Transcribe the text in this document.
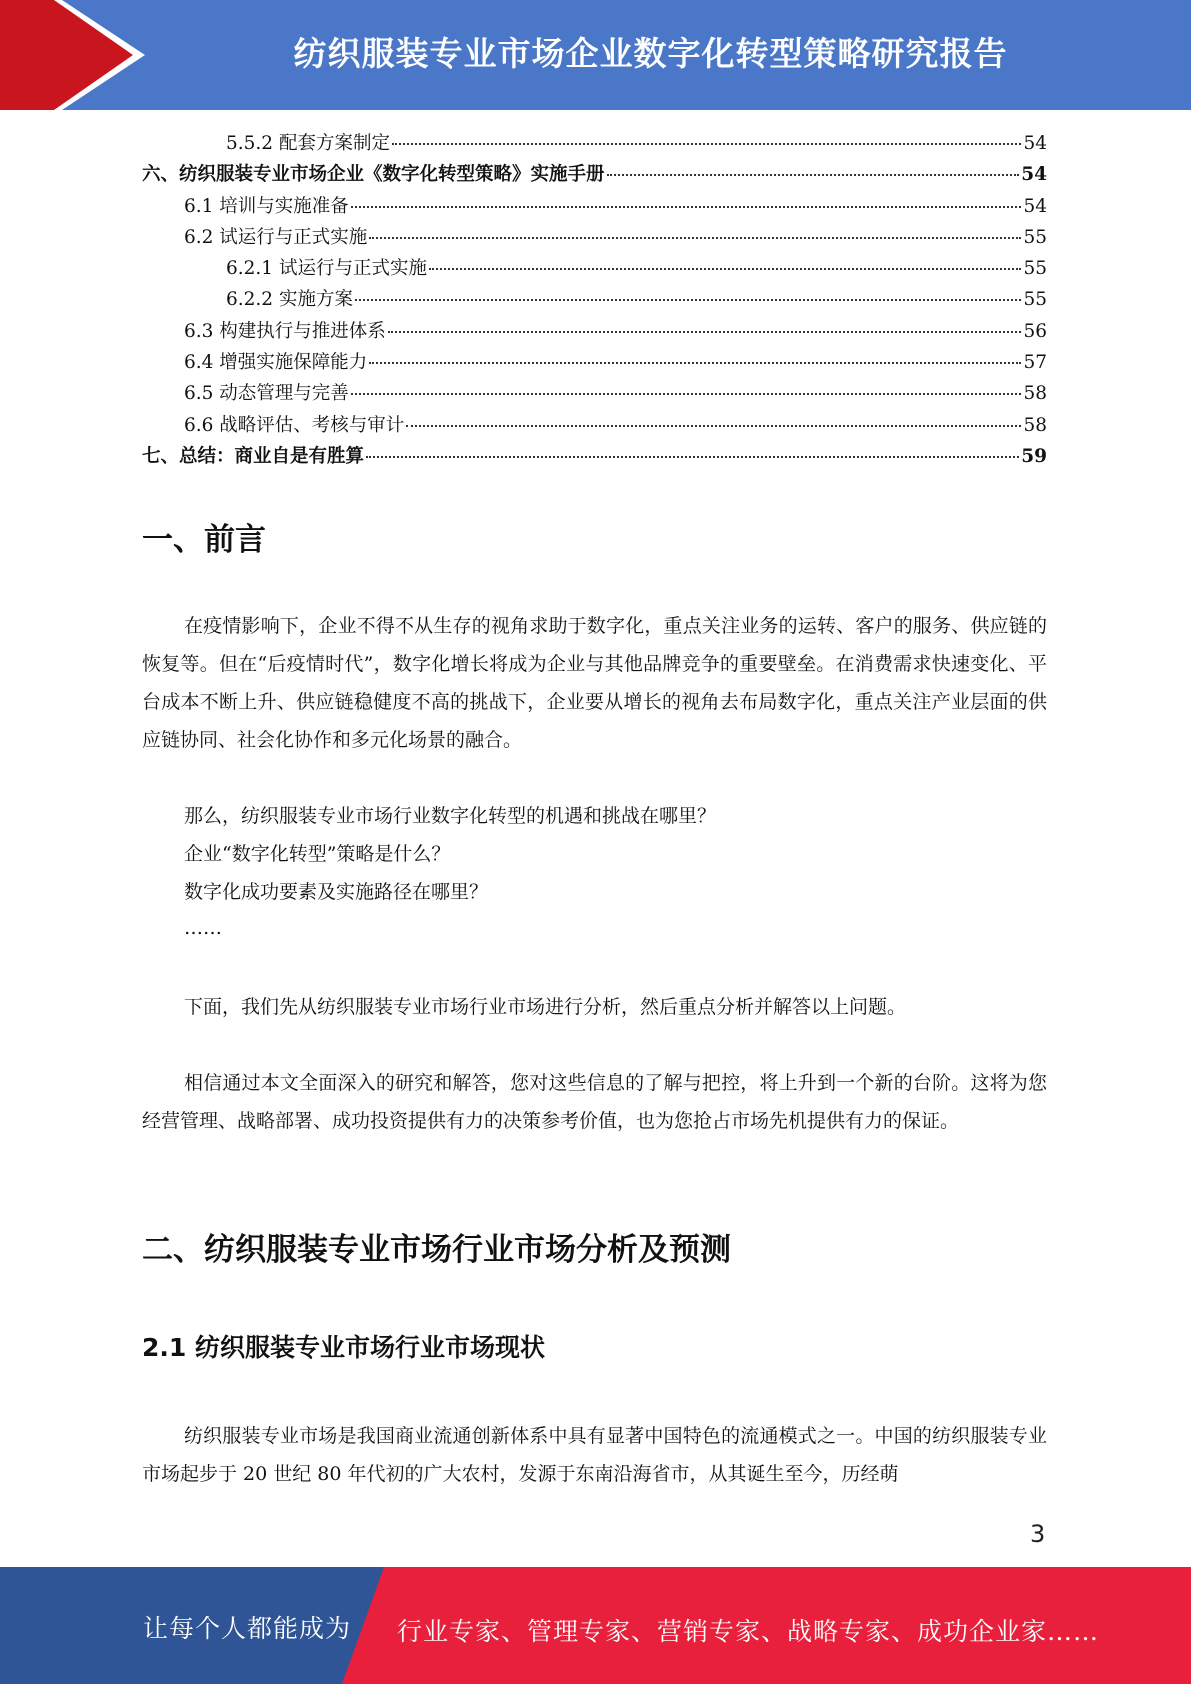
纺织服装专业市场企业数字化转型策略研究报告
5.5.2 配套方案制定	54
六、纺织服装专业市场企业《数字化转型策略》实施手册	54
6.1 培训与实施准备	54
6.2 试运行与正式实施	55
6.2.1 试运行与正式实施	55
6.2.2 实施方案	55
6.3 构建执行与推进体系	56
6.4 增强实施保障能力	57
6.5 动态管理与完善	58
6.6 战略评估、考核与审计	58
七、总结：商业自是有胜算	59
一、前言

在疫情影响下，企业不得不从生存的视角求助于数字化，重点关注业务的运转、客户的服务、供应链的恢复等。但在“后疫情时代”，数字化增长将成为企业与其他品牌竞争的重要壁垒。在消费需求快速变化、平台成本不断上升、供应链稳健度不高的挑战下，企业要从增长的视角去布局数字化，重点关注产业层面的供应链协同、社会化协作和多元化场景的融合。

那么，纺织服装专业市场行业数字化转型的机遇和挑战在哪里？

企业“数字化转型”策略是什么？

数字化成功要素及实施路径在哪里？

……

下面，我们先从纺织服装专业市场行业市场进行分析，然后重点分析并解答以上问题。

相信通过本文全面深入的研究和解答，您对这些信息的了解与把控，将上升到一个新的台阶。这将为您经营管理、战略部署、成功投资提供有力的决策参考价值，也为您抢占市场先机提供有力的保证。

二、纺织服装专业市场行业市场分析及预测
2.1 纺织服装专业市场行业市场现状

纺织服装专业市场是我国商业流通创新体系中具有显著中国特色的流通模式之一。中国的纺织服装专业市场起步于 20 世纪 80 年代初的广大农村，发源于东南沿海省市，从其诞生至今，历经萌

3
让每个人都能成为 行业专家、管理专家、营销专家、战略专家、成功企业家……
